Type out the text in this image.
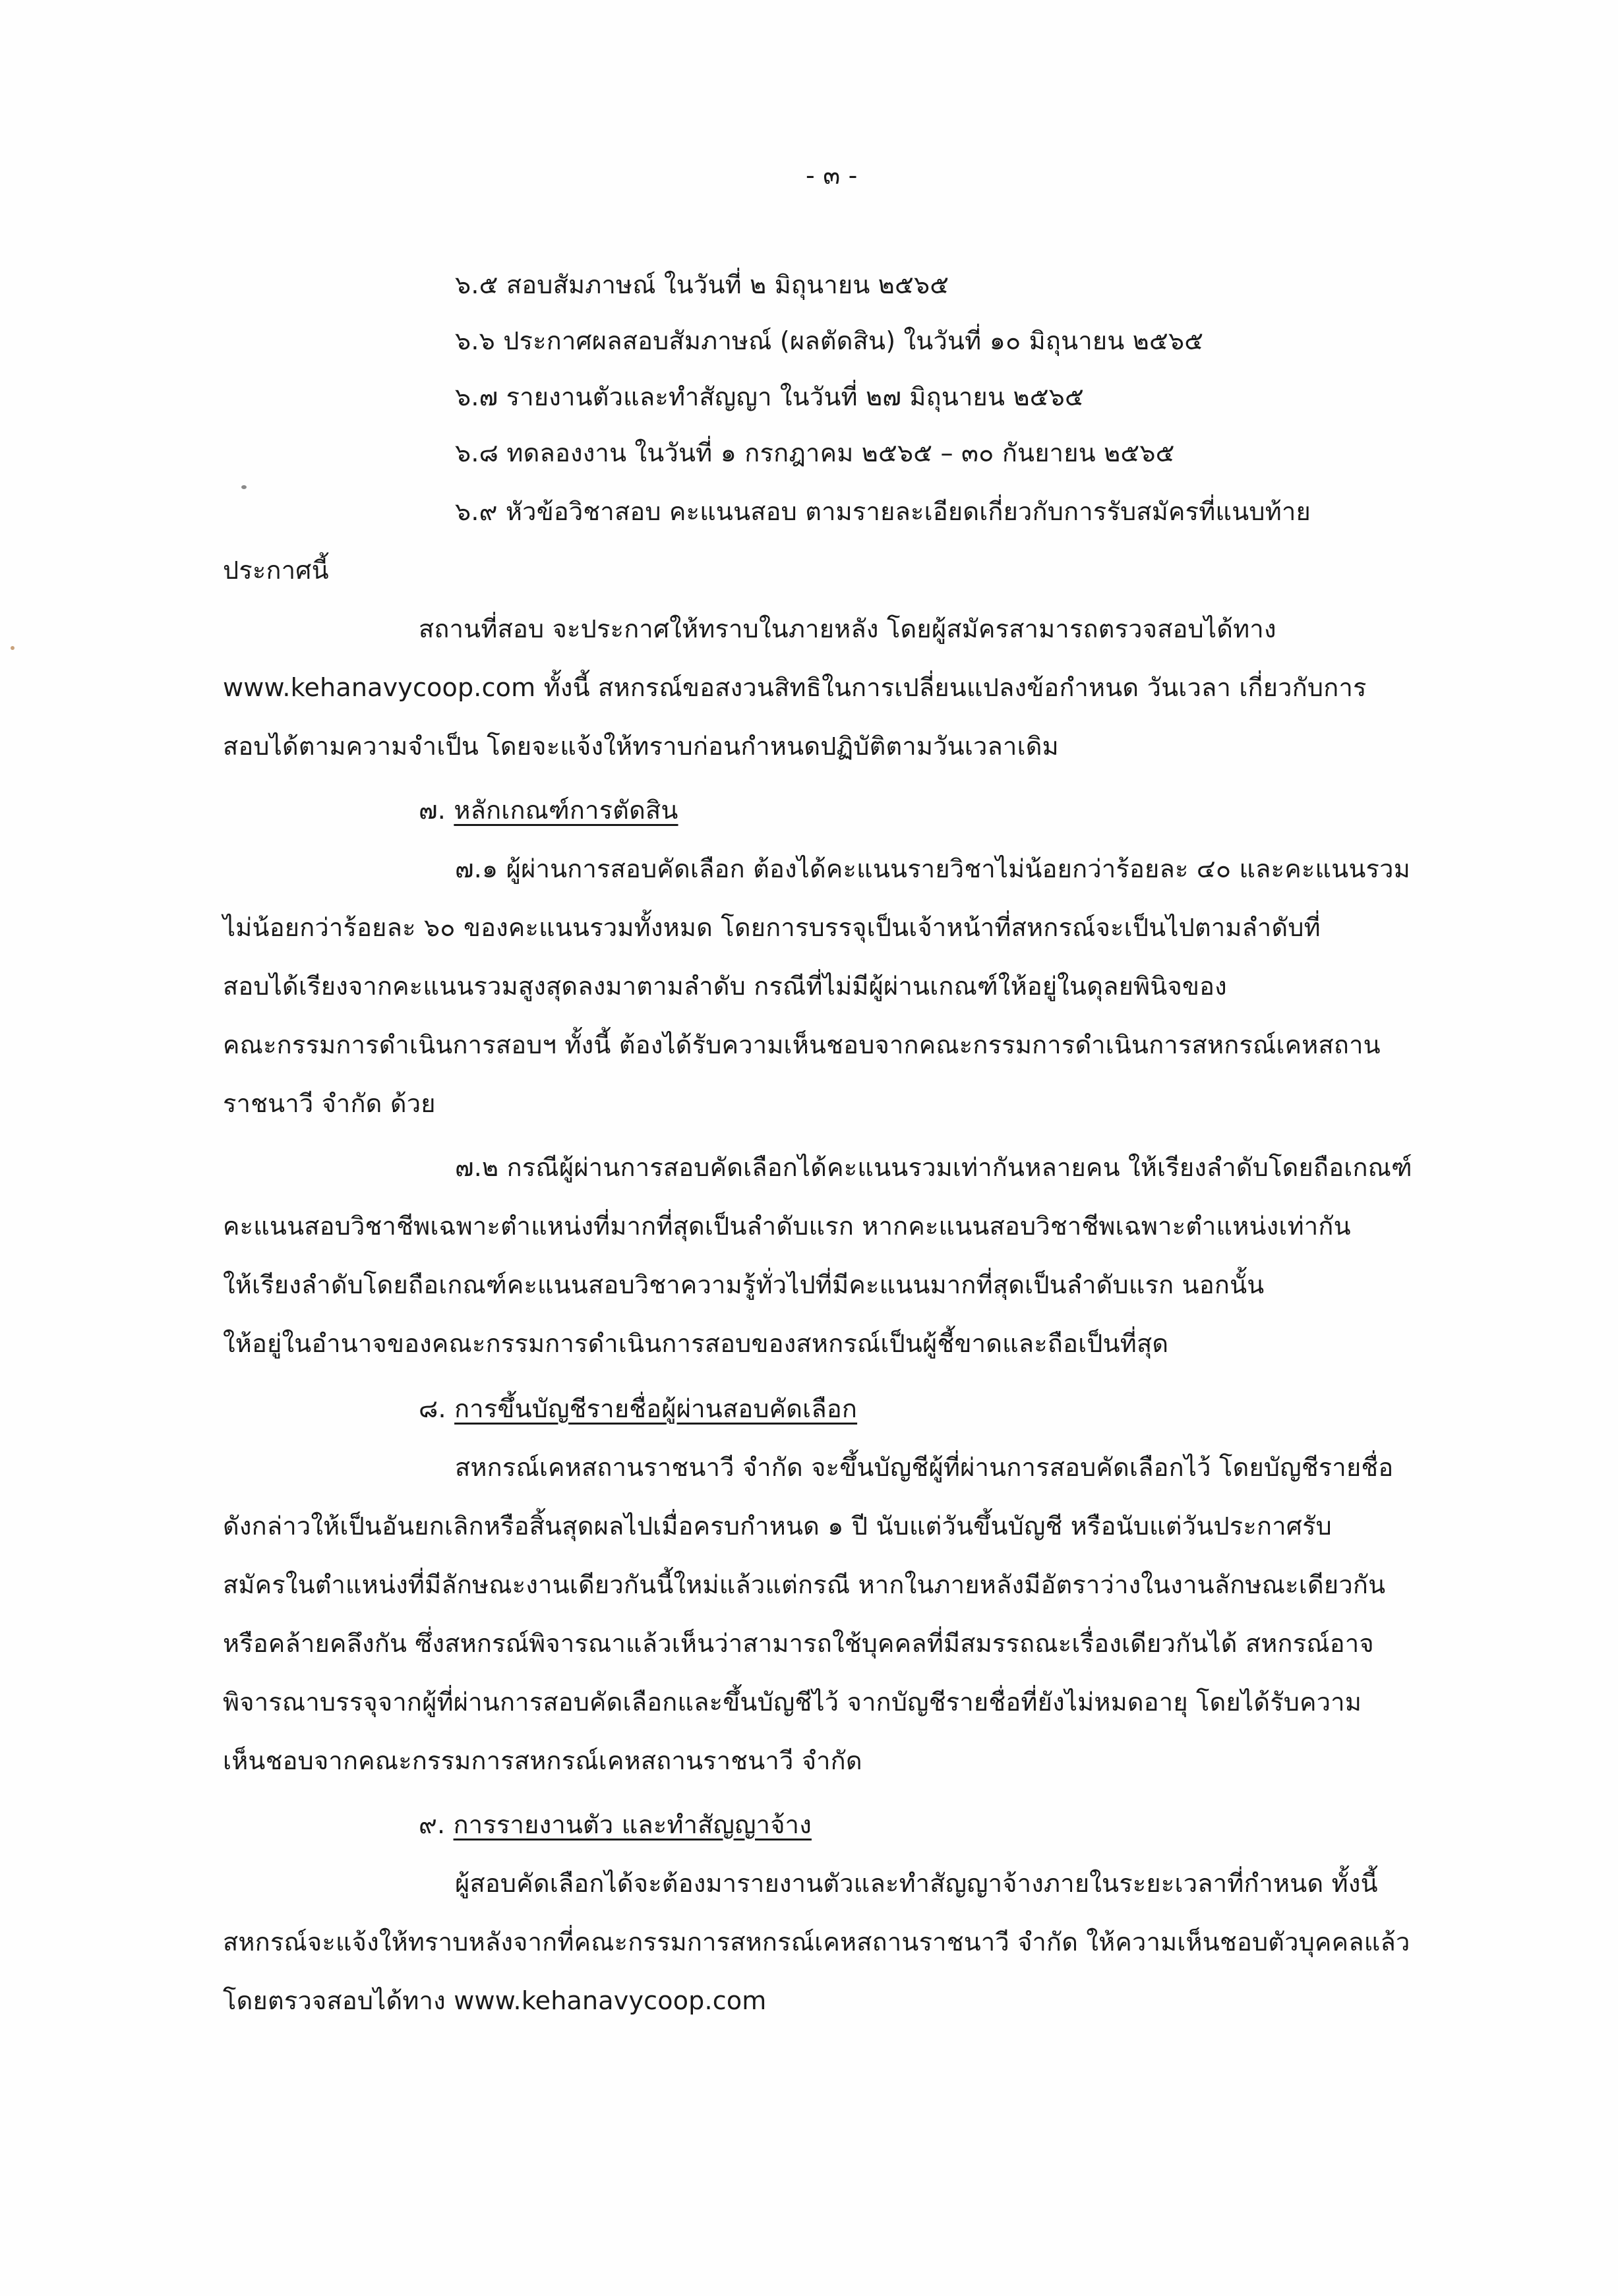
- ๓ -
๖.๕ สอบสัมภาษณ์ ในวันที่ ๒ มิถุนายน ๒๕๖๕
๖.๖ ประกาศผลสอบสัมภาษณ์ (ผลตัดสิน) ในวันที่ ๑๐ มิถุนายน ๒๕๖๕
๖.๗ รายงานตัวและทำสัญญา ในวันที่ ๒๗ มิถุนายน ๒๕๖๕
๖.๘ ทดลองงาน ในวันที่ ๑ กรกฎาคม ๒๕๖๕ – ๓๐ กันยายน ๒๕๖๕
๖.๙ หัวข้อวิชาสอบ คะแนนสอบ ตามรายละเอียดเกี่ยวกับการรับสมัครที่แนบท้าย
ประกาศนี้
สถานที่สอบ จะประกาศให้ทราบในภายหลัง โดยผู้สมัครสามารถตรวจสอบได้ทาง
www.kehanavycoop.com ทั้งนี้ สหกรณ์ขอสงวนสิทธิในการเปลี่ยนแปลงข้อกำหนด วันเวลา เกี่ยวกับการ
สอบได้ตามความจำเป็น โดยจะแจ้งให้ทราบก่อนกำหนดปฏิบัติตามวันเวลาเดิม
๗. หลักเกณฑ์การตัดสิน
๗.๑ ผู้ผ่านการสอบคัดเลือก ต้องได้คะแนนรายวิชาไม่น้อยกว่าร้อยละ ๔๐ และคะแนนรวม
ไม่น้อยกว่าร้อยละ ๖๐ ของคะแนนรวมทั้งหมด โดยการบรรจุเป็นเจ้าหน้าที่สหกรณ์จะเป็นไปตามลำดับที่
สอบได้เรียงจากคะแนนรวมสูงสุดลงมาตามลำดับ กรณีที่ไม่มีผู้ผ่านเกณฑ์ให้อยู่ในดุลยพินิจของ
คณะกรรมการดำเนินการสอบฯ ทั้งนี้ ต้องได้รับความเห็นชอบจากคณะกรรมการดำเนินการสหกรณ์เคหสถาน
ราชนาวี จำกัด ด้วย
๗.๒ กรณีผู้ผ่านการสอบคัดเลือกได้คะแนนรวมเท่ากันหลายคน ให้เรียงลำดับโดยถือเกณฑ์
คะแนนสอบวิชาชีพเฉพาะตำแหน่งที่มากที่สุดเป็นลำดับแรก หากคะแนนสอบวิชาชีพเฉพาะตำแหน่งเท่ากัน
ให้เรียงลำดับโดยถือเกณฑ์คะแนนสอบวิชาความรู้ทั่วไปที่มีคะแนนมากที่สุดเป็นลำดับแรก นอกนั้น
ให้อยู่ในอำนาจของคณะกรรมการดำเนินการสอบของสหกรณ์เป็นผู้ชี้ขาดและถือเป็นที่สุด
๘. การขึ้นบัญชีรายชื่อผู้ผ่านสอบคัดเลือก
สหกรณ์เคหสถานราชนาวี จำกัด จะขึ้นบัญชีผู้ที่ผ่านการสอบคัดเลือกไว้ โดยบัญชีรายชื่อ
ดังกล่าวให้เป็นอันยกเลิกหรือสิ้นสุดผลไปเมื่อครบกำหนด ๑ ปี นับแต่วันขึ้นบัญชี หรือนับแต่วันประกาศรับ
สมัครในตำแหน่งที่มีลักษณะงานเดียวกันนี้ใหม่แล้วแต่กรณี หากในภายหลังมีอัตราว่างในงานลักษณะเดียวกัน
หรือคล้ายคลึงกัน ซึ่งสหกรณ์พิจารณาแล้วเห็นว่าสามารถใช้บุคคลที่มีสมรรถณะเรื่องเดียวกันได้ สหกรณ์อาจ
พิจารณาบรรจุจากผู้ที่ผ่านการสอบคัดเลือกและขึ้นบัญชีไว้ จากบัญชีรายชื่อที่ยังไม่หมดอายุ โดยได้รับความ
เห็นชอบจากคณะกรรมการสหกรณ์เคหสถานราชนาวี จำกัด
๙. การรายงานตัว และทำสัญญาจ้าง
ผู้สอบคัดเลือกได้จะต้องมารายงานตัวและทำสัญญาจ้างภายในระยะเวลาที่กำหนด ทั้งนี้
สหกรณ์จะแจ้งให้ทราบหลังจากที่คณะกรรมการสหกรณ์เคหสถานราชนาวี จำกัด ให้ความเห็นชอบตัวบุคคลแล้ว
โดยตรวจสอบได้ทาง www.kehanavycoop.com
